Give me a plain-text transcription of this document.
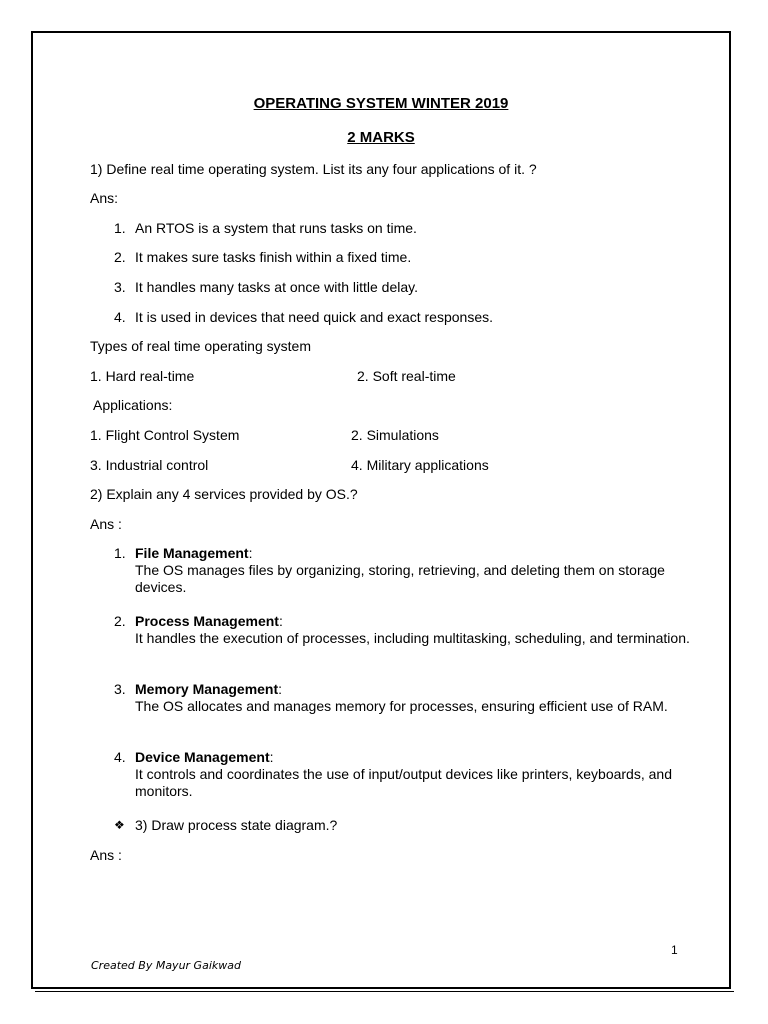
OPERATING SYSTEM WINTER 2019
2 MARKS
1) Define real time operating system. List its any four applications of it. ?
Ans:
1. An RTOS is a system that runs tasks on time.
2. It makes sure tasks finish within a fixed time.
3. It handles many tasks at once with little delay.
4. It is used in devices that need quick and exact responses.
Types of real time operating system
1. Hard real-time	2. Soft real-time
Applications:
1. Flight Control System	2. Simulations
3. Industrial control	4. Military applications
2) Explain any 4 services provided by OS.?
Ans :
1. File Management:
The OS manages files by organizing, storing, retrieving, and deleting them on storage devices.
2. Process Management:
It handles the execution of processes, including multitasking, scheduling, and termination.
3. Memory Management:
The OS allocates and manages memory for processes, ensuring efficient use of RAM.
4. Device Management:
It controls and coordinates the use of input/output devices like printers, keyboards, and monitors.
❖ 3) Draw process state diagram.?
Ans :
1
Created By Mayur Gaikwad
